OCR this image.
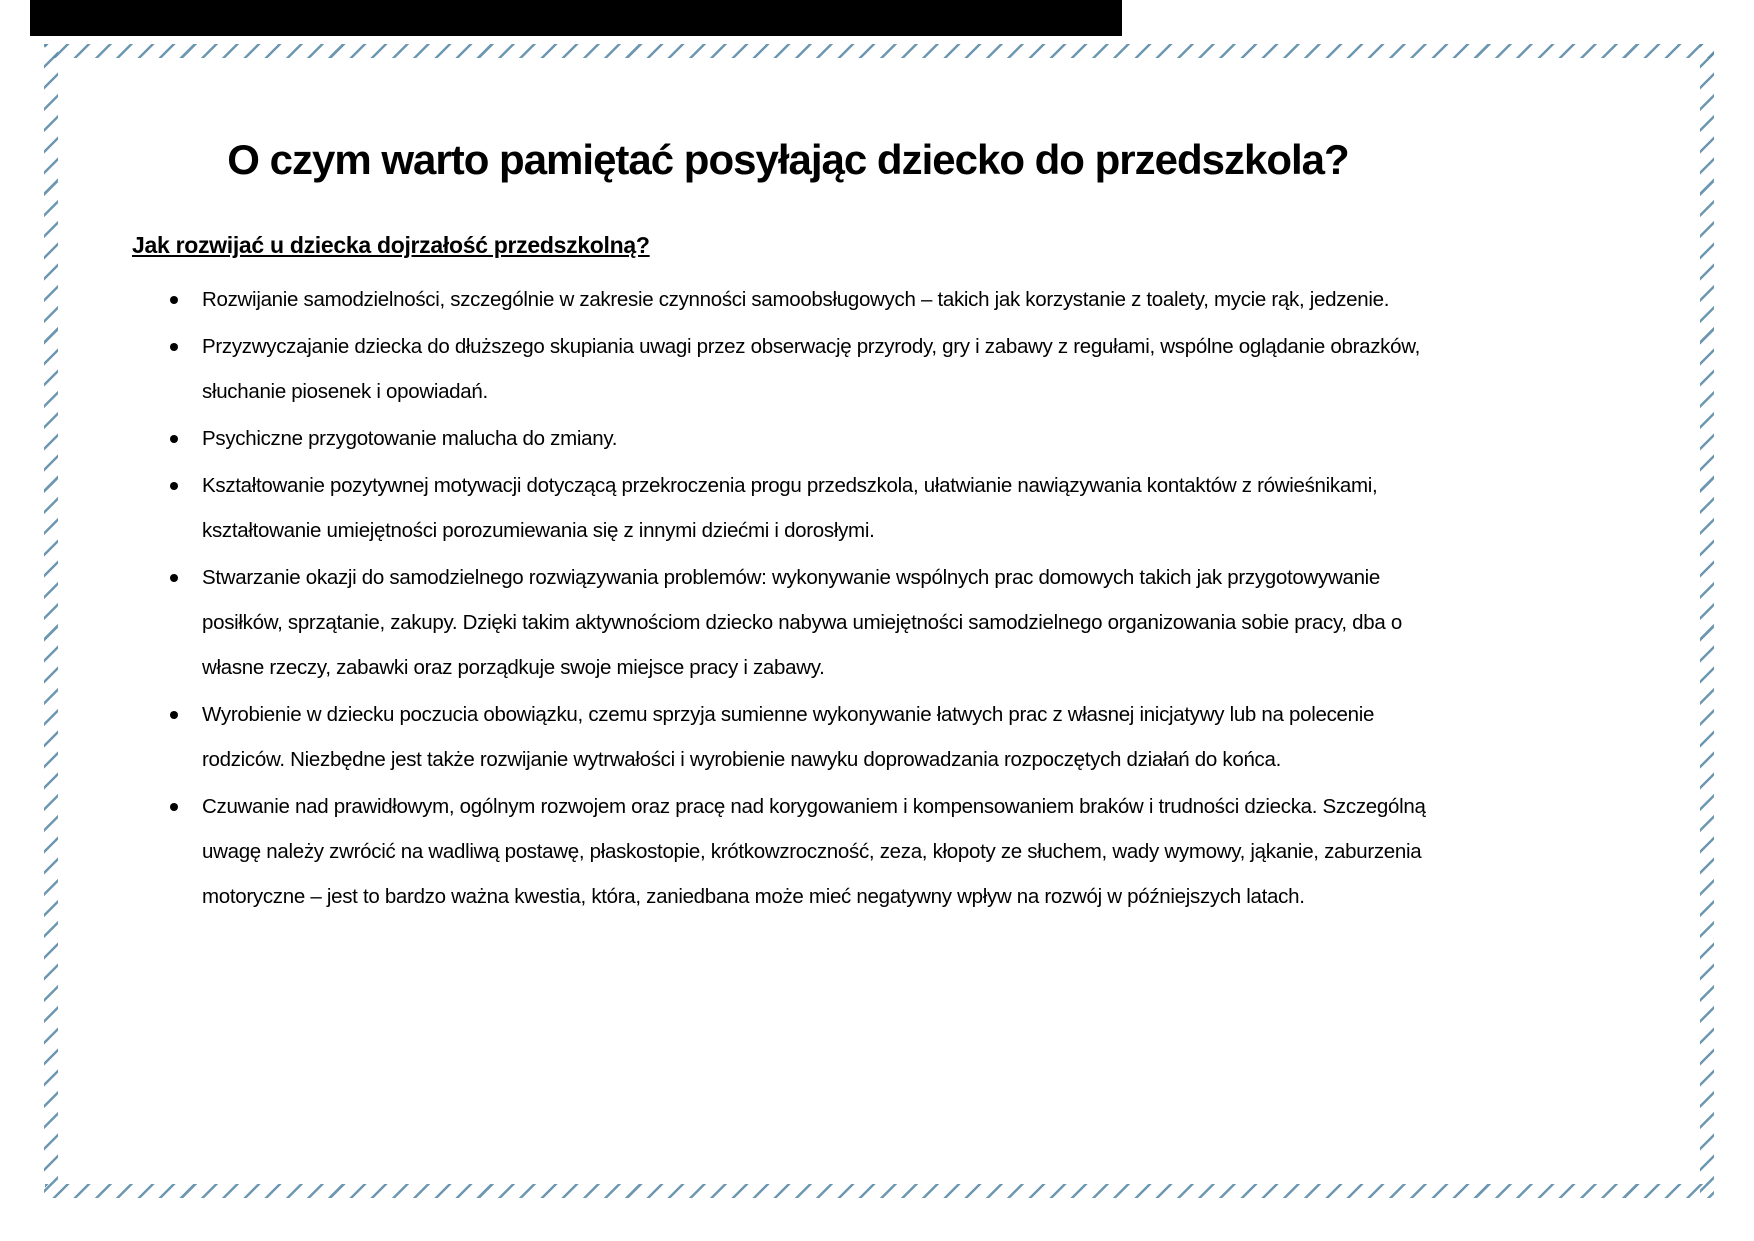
O czym warto pamiętać posyłając dziecko do przedszkola?
Jak rozwijać u dziecka dojrzałość przedszkolną?
Rozwijanie samodzielności, szczególnie w zakresie czynności samoobsługowych – takich jak korzystanie z toalety, mycie rąk, jedzenie.
Przyzwyczajanie dziecka do dłuższego skupiania uwagi przez obserwację przyrody, gry i zabawy z regułami, wspólne oglądanie obrazków, słuchanie piosenek i opowiadań.
Psychiczne przygotowanie malucha do zmiany.
Kształtowanie pozytywnej motywacji dotyczącą przekroczenia progu przedszkola, ułatwianie nawiązywania kontaktów z rówieśnikami, kształtowanie umiejętności porozumiewania się z innymi dziećmi i dorosłymi.
Stwarzanie okazji do samodzielnego rozwiązywania problemów: wykonywanie wspólnych prac domowych takich jak przygotowywanie posiłków, sprzątanie, zakupy. Dzięki takim aktywnościom dziecko nabywa umiejętności samodzielnego organizowania sobie pracy, dba o własne rzeczy, zabawki oraz porządkuje swoje miejsce pracy i zabawy.
Wyrobienie w dziecku poczucia obowiązku, czemu sprzyja sumienne wykonywanie łatwych prac z własnej inicjatywy lub na polecenie rodziców. Niezbędne jest także rozwijanie wytrwałości i wyrobienie nawyku doprowadzania rozpoczętych działań do końca.
Czuwanie nad prawidłowym, ogólnym rozwojem oraz pracę nad korygowaniem i kompensowaniem braków i trudności dziecka. Szczególną uwagę należy zwrócić na wadliwą postawę, płaskostopie, krótkowzroczność, zeza, kłopoty ze słuchem, wady wymowy, jąkanie, zaburzenia motoryczne – jest to bardzo ważna kwestia, która, zaniedbana może mieć negatywny wpływ na rozwój w późniejszych latach.
